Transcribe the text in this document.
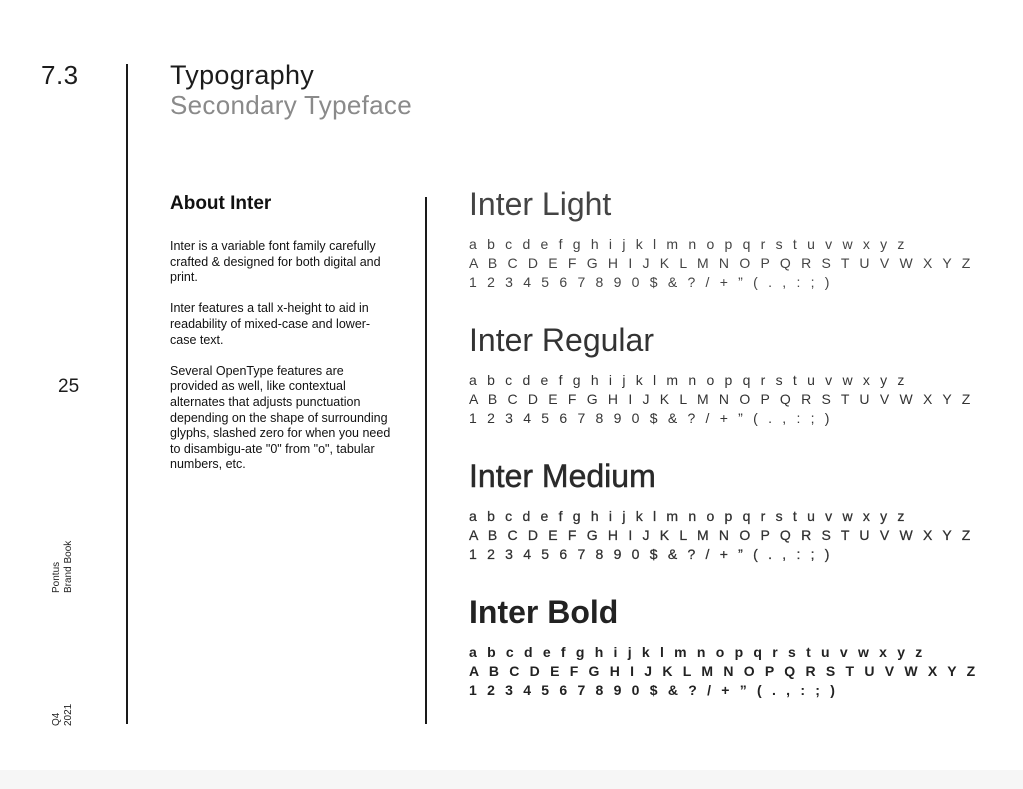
7.3
25
Pontus Brand Book
Q4 2021
Typography
Secondary Typeface
About Inter

Inter is a variable font family carefully crafted & designed for both digital and print.

Inter features a tall x-height to aid in readability of mixed-case and lower-case text.

Several OpenType features are provided as well, like contextual alternates that adjusts punctuation depending on the shape of surrounding glyphs, slashed zero for when you need to disambigu-ate "0" from "o", tabular numbers, etc.

Inter Light
a b c d e f g h i j k l m n o p q r s t u v w x y z
A B C D E F G H I J K L M N O P Q R S T U V W X Y Z
1 2 3 4 5 6 7 8 9 0 $ & ? / + ” ( . , : ; )
Inter Regular
a b c d e f g h i j k l m n o p q r s t u v w x y z
A B C D E F G H I J K L M N O P Q R S T U V W X Y Z
1 2 3 4 5 6 7 8 9 0 $ & ? / + ” ( . , : ; )
Inter Medium
a b c d e f g h i j k l m n o p q r s t u v w x y z
A B C D E F G H I J K L M N O P Q R S T U V W X Y Z
1 2 3 4 5 6 7 8 9 0 $ & ? / + ” ( . , : ; )
Inter Bold
a b c d e f g h i j k l m n o p q r s t u v w x y z
A B C D E F G H I J K L M N O P Q R S T U V W X Y Z
1 2 3 4 5 6 7 8 9 0 $ & ? / + ” ( . , : ; )
